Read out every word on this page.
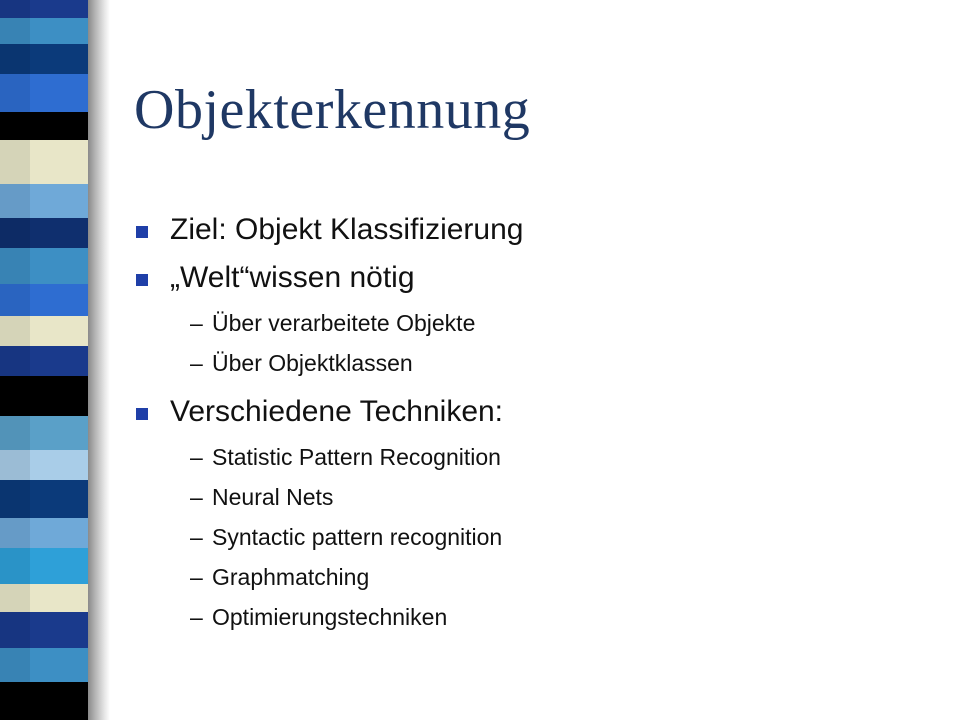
Objekterkennung
Ziel: Objekt Klassifizierung
„Welt“wissen nötig
– Über verarbeitete Objekte
– Über Objektklassen
Verschiedene Techniken:
– Statistic Pattern Recognition
– Neural Nets
– Syntactic pattern recognition
– Graphmatching
– Optimierungstechniken
